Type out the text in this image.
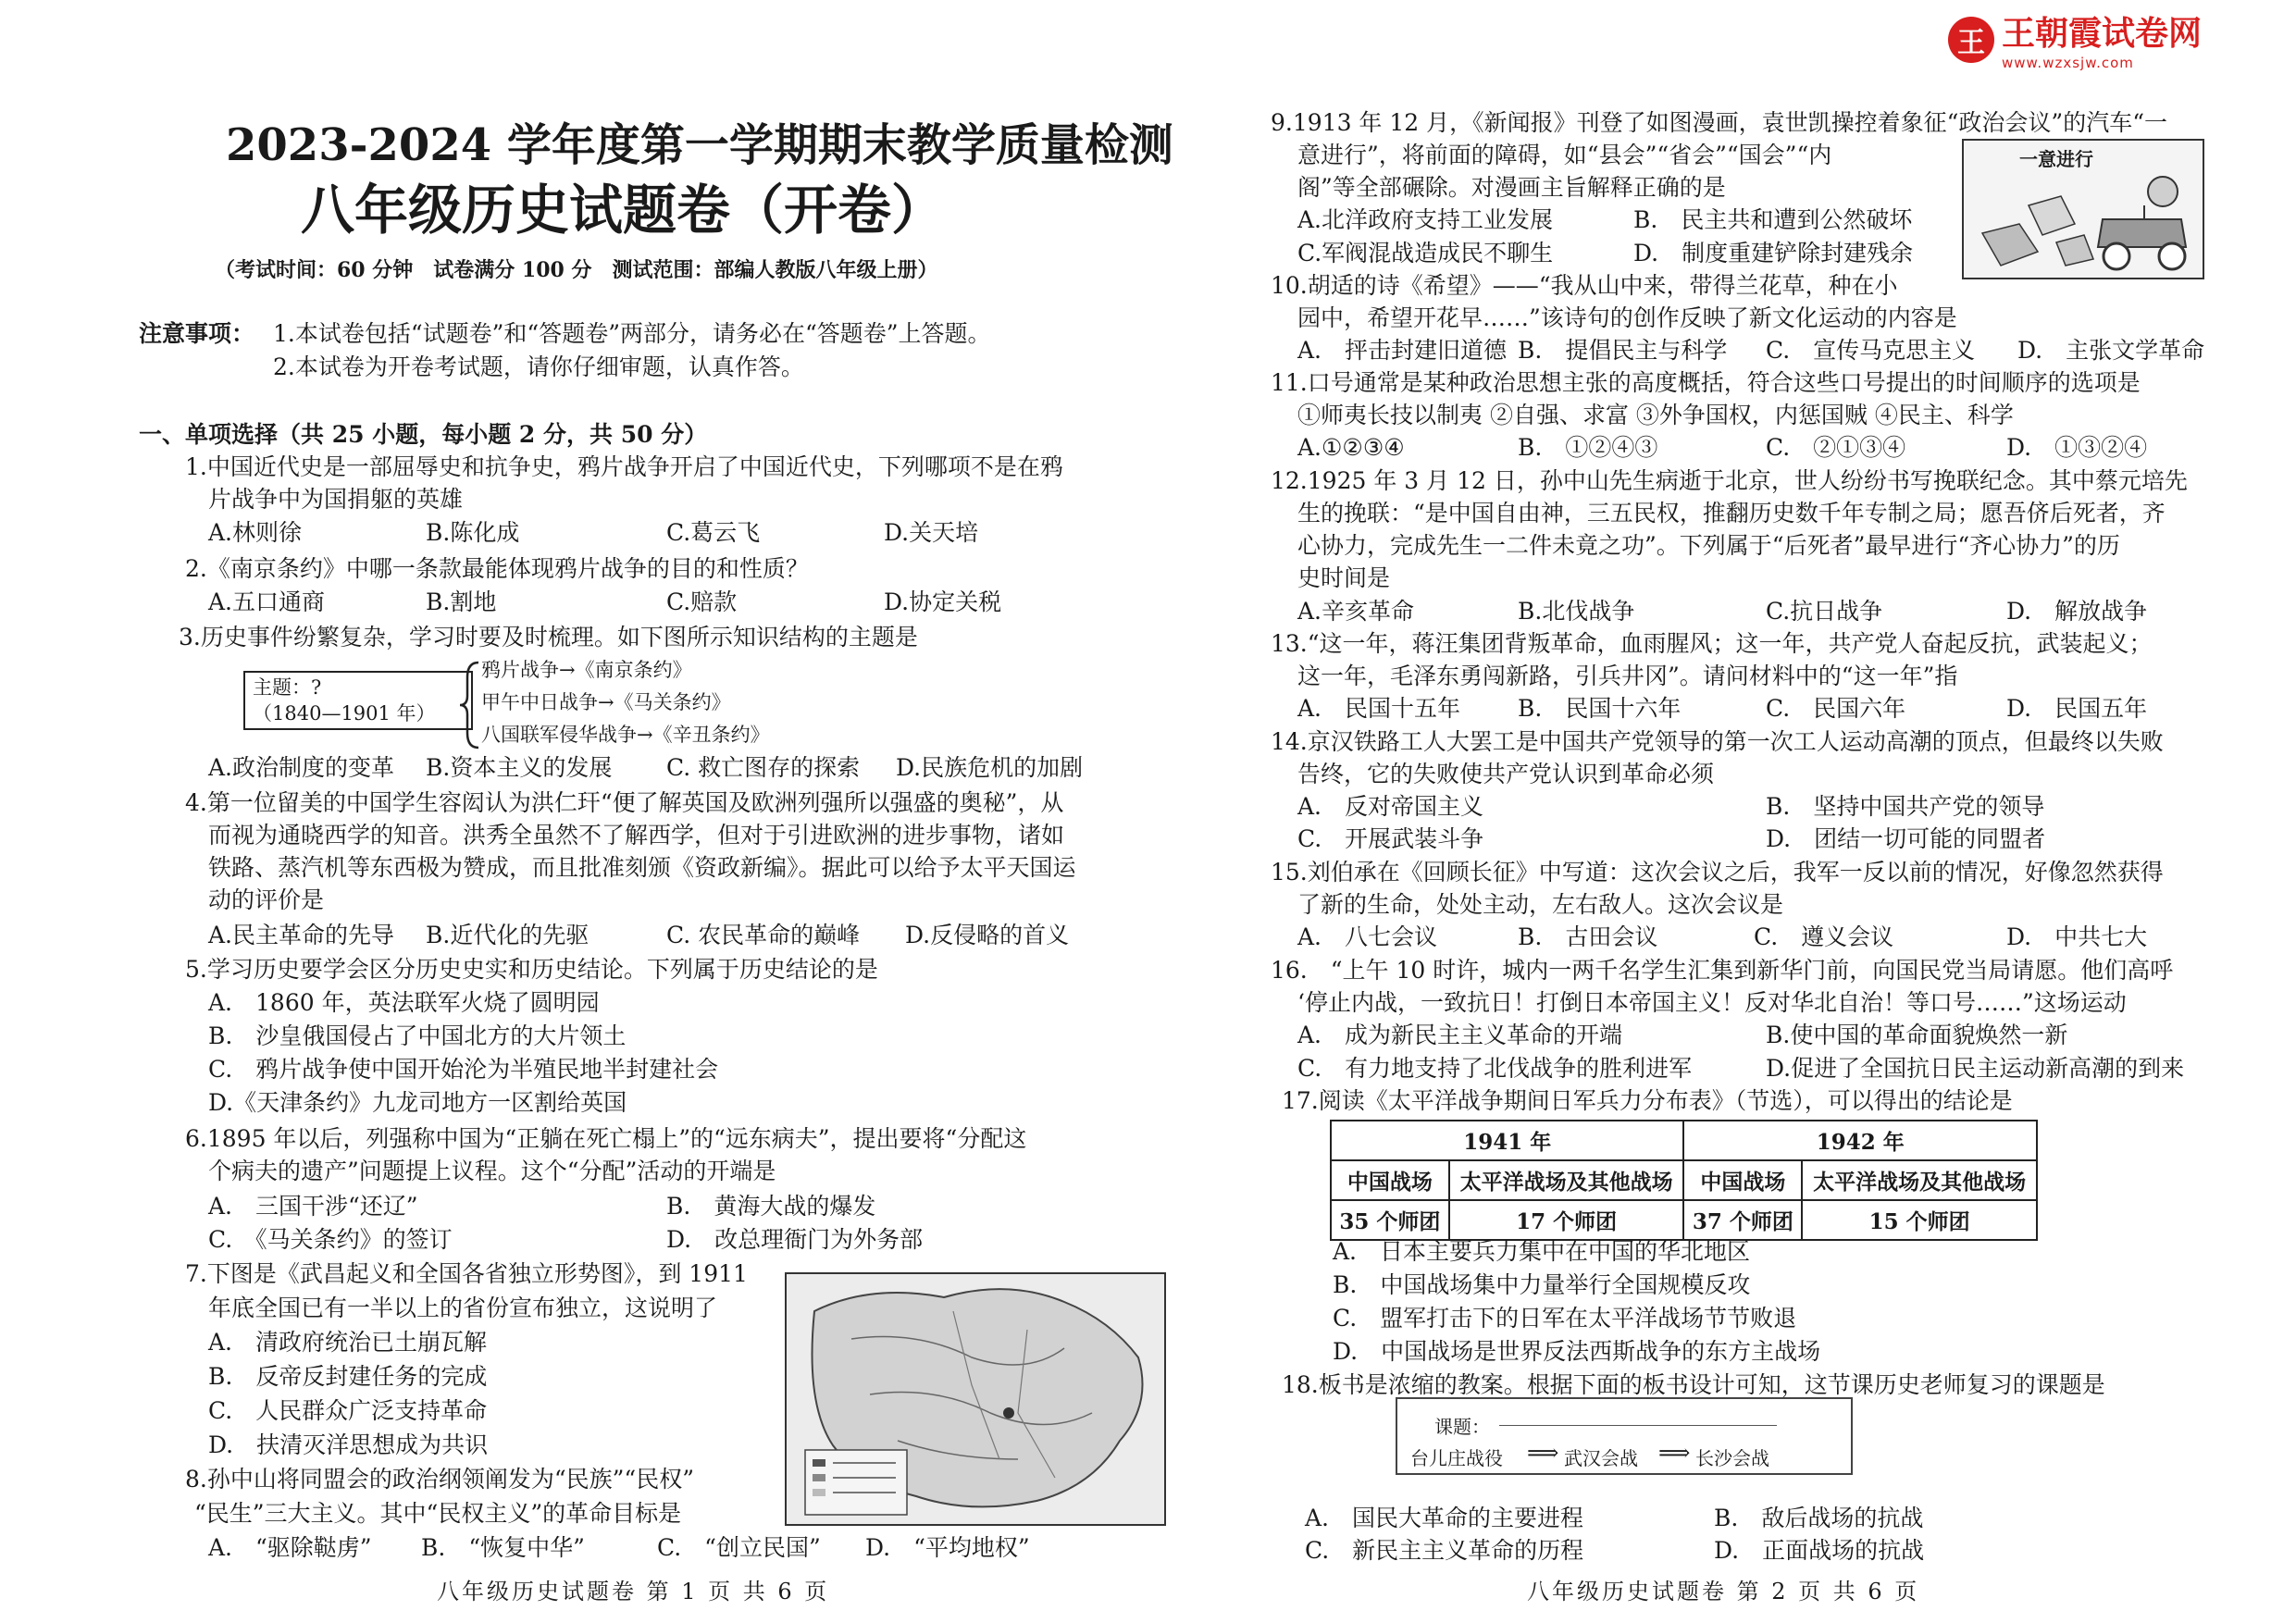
2023-2024 学年度第一学期期末教学质量检测
八年级历史试题卷（开卷）
（考试时间：60 分钟　试卷满分 100 分　测试范围：部编人教版八年级上册）
注意事项： 1.本试卷包括“试题卷”和“答题卷”两部分，请务必在“答题卷”上答题。
2.本试卷为开卷考试题，请你仔细审题，认真作答。
一、单项选择（共 25 小题，每小题 2 分，共 50 分）
1.中国近代史是一部屈辱史和抗争史，鸦片战争开启了中国近代史，下列哪项不是在鸦
片战争中为国捐躯的英雄
A.林则徐	B.陈化成	C.葛云飞	D.关天培
2.《南京条约》中哪一条款最能体现鸦片战争的目的和性质？
A.五口通商	B.割地	C.赔款	D.协定关税
3.历史事件纷繁复杂，学习时要及时梳理。如下图所示知识结构的主题是
主题：?
（1840—1901 年）
鸦片战争→《南京条约》
甲午中日战争→《马关条约》
八国联军侵华战争→《辛丑条约》
A.政治制度的变革 B.资本主义的发展 C. 救亡图存的探索 D.民族危机的加剧
4.第一位留美的中国学生容闳认为洪仁玕“便了解英国及欧洲列强所以强盛的奥秘”，从
而视为通晓西学的知音。洪秀全虽然不了解西学，但对于引进欧洲的进步事物，诸如
铁路、蒸汽机等东西极为赞成，而且批准刻颁《资政新编》。据此可以给予太平天国运
动的评价是
A.民主革命的先导 B.近代化的先驱	C. 农民革命的巅峰 D.反侵略的首义
5.学习历史要学会区分历史史实和历史结论。下列属于历史结论的是
A.　1860 年，英法联军火烧了圆明园
B.　沙皇俄国侵占了中国北方的大片领土
C.　鸦片战争使中国开始沦为半殖民地半封建社会
D.《天津条约》九龙司地方一区割给英国
6.1895 年以后，列强称中国为“正躺在死亡榻上”的“远东病夫”，提出要将“分配这
个病夫的遗产”问题提上议程。这个“分配”活动的开端是
A.　三国干涉“还辽”	B.　黄海大战的爆发
C.　《马关条约》的签订	D.　改总理衙门为外务部
7.下图是《武昌起义和全国各省独立形势图》，到 1911
年底全国已有一半以上的省份宣布独立，这说明了
A.　清政府统治已土崩瓦解
B.　反帝反封建任务的完成
C.　人民群众广泛支持革命
D.　扶清灭洋思想成为共识
8.孙中山将同盟会的政治纲领阐发为“民族”“民权”
“民生”三大主义。其中“民权主义”的革命目标是
A.　“驱除鞑虏” B.　“恢复中华”	C.　“创立民国” D.　“平均地权”
八年级历史试题卷 第 1 页 共 6 页
王 王朝霞试卷网
www.wzxsjw.com
9.1913 年 12 月，《新闻报》刊登了如图漫画，袁世凯操控着象征“政治会议”的汽车“一
意进行”，将前面的障碍，如“县会”“省会”“国会”“内
阁”等全部碾除。对漫画主旨解释正确的是
A.北洋政府支持工业发展	B.　民主共和遭到公然破坏
C.军阀混战造成民不聊生	D.　制度重建铲除封建残余
一意进行
10.胡适的诗《希望》——“我从山中来，带得兰花草，种在小
园中，希望开花早……”该诗句的创作反映了新文化运动的内容是
A.　抨击封建旧道德 B.　提倡民主与科学 C.　宣传马克思主义 D.　主张文学革命
11.口号通常是某种政治思想主张的高度概括，符合这些口号提出的时间顺序的选项是
①师夷长技以制夷 ②自强、求富 ③外争国权，内惩国贼 ④民主、科学
A.①②③④	B.　①②④③	C.　②①③④	D.　①③②④
12.1925 年 3 月 12 日，孙中山先生病逝于北京，世人纷纷书写挽联纪念。其中蔡元培先
生的挽联：“是中国自由神，三五民权，推翻历史数千年专制之局；愿吾侪后死者，齐
心协力，完成先生一二件未竟之功”。下列属于“后死者”最早进行“齐心协力”的历
史时间是
A.辛亥革命	B.北伐战争	C.抗日战争	D.　解放战争
13.“这一年，蒋汪集团背叛革命，血雨腥风；这一年，共产党人奋起反抗，武装起义；
这一年，毛泽东勇闯新路，引兵井冈”。请问材料中的“这一年”指
A.　民国十五年 B.　民国十六年	C.　民国六年	D.　民国五年
14.京汉铁路工人大罢工是中国共产党领导的第一次工人运动高潮的顶点，但最终以失败
告终，它的失败使共产党认识到革命必须
A.　反对帝国主义	B.　坚持中国共产党的领导
C.　开展武装斗争	D.　团结一切可能的同盟者
15.刘伯承在《回顾长征》中写道：这次会议之后，我军一反以前的情况，好像忽然获得
了新的生命，处处主动，左右敌人。这次会议是
A.　八七会议	B.　古田会议	C.　遵义会议	D.　中共七大
16.　“上午 10 时许，城内一两千名学生汇集到新华门前，向国民党当局请愿。他们高呼
‘停止内战，一致抗日！打倒日本帝国主义！反对华北自治！等口号……”这场运动
A.　成为新民主主义革命的开端	B.使中国的革命面貌焕然一新
C.　有力地支持了北伐战争的胜利进军	D.促进了全国抗日民主运动新高潮的到来
17.阅读《太平洋战争期间日军兵力分布表》（节选），可以得出的结论是
1941 年		1942 年	
中国战场	太平洋战场及其他战场	中国战场	太平洋战场及其他战场
35 个师团	17 个师团	37 个师团	15 个师团
A.　日本主要兵力集中在中国的华北地区
B.　中国战场集中力量举行全国规模反攻
C.　盟军打击下的日军在太平洋战场节节败退
D.　中国战场是世界反法西斯战争的东方主战场
18.板书是浓缩的教案。根据下面的板书设计可知，这节课历史老师复习的课题是
课题：
台儿庄战役 ⟹ 武汉会战 ⟹ 长沙会战
A.　国民大革命的主要进程	B.　敌后战场的抗战
C.　新民主主义革命的历程	D.　正面战场的抗战
八年级历史试题卷 第 2 页 共 6 页
